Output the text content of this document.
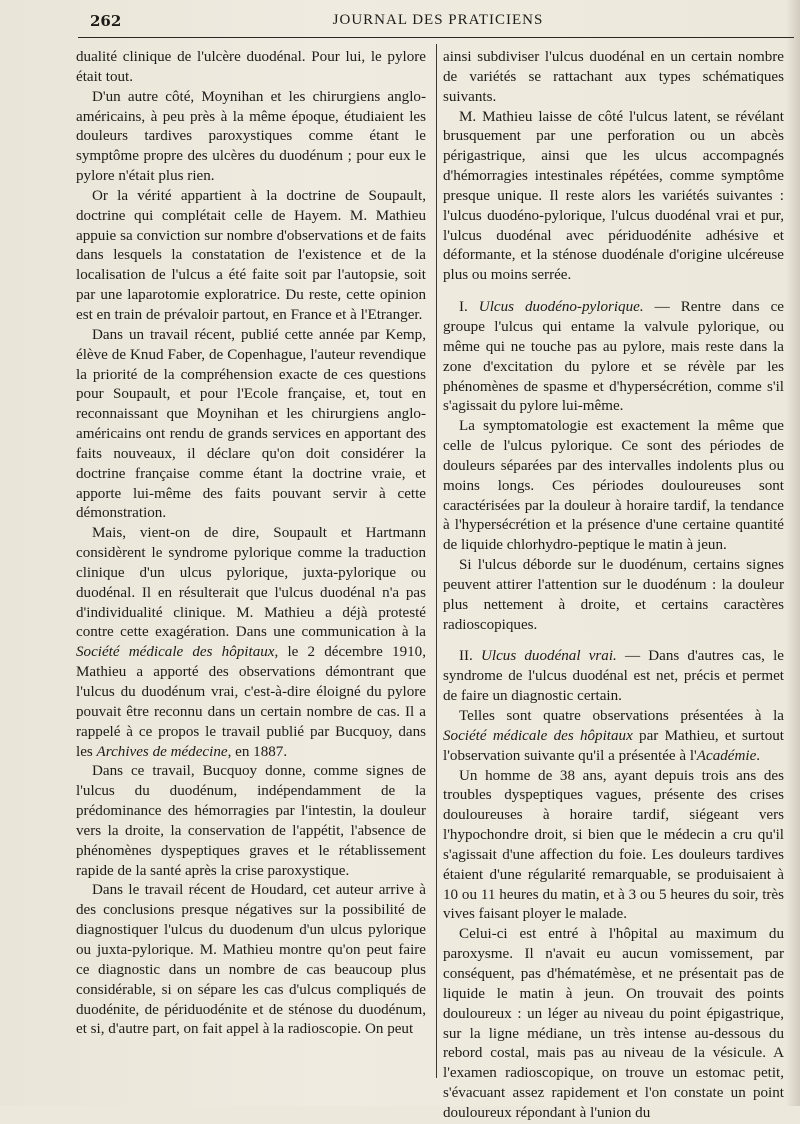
262	JOURNAL DES PRATICIENS

dualité clinique de l'ulcère duodénal. Pour lui, le pylore était tout.

D'un autre côté, Moynihan et les chirurgiens anglo-américains, à peu près à la même époque, étudiaient les douleurs tardives paroxystiques comme étant le symptôme propre des ulcères du duodénum ; pour eux le pylore n'était plus rien.

Or la vérité appartient à la doctrine de Soupault, doctrine qui complétait celle de Hayem. M. Mathieu appuie sa conviction sur nombre d'observations et de faits dans lesquels la constatation de l'existence et de la localisation de l'ulcus a été faite soit par l'autopsie, soit par une laparotomie exploratrice. Du reste, cette opinion est en train de prévaloir partout, en France et à l'Etranger.

Dans un travail récent, publié cette année par Kemp, élève de Knud Faber, de Copenhague, l'auteur revendique la priorité de la compréhension exacte de ces questions pour Soupault, et pour l'Ecole française, et, tout en reconnaissant que Moynihan et les chirurgiens anglo-américains ont rendu de grands services en apportant des faits nouveaux, il déclare qu'on doit considérer la doctrine française comme étant la doctrine vraie, et apporte lui-même des faits pouvant servir à cette démonstration.

Mais, vient-on de dire, Soupault et Hartmann considèrent le syndrome pylorique comme la traduction clinique d'un ulcus pylorique, juxta-pylorique ou duodénal. Il en résulterait que l'ulcus duodénal n'a pas d'individualité clinique. M. Mathieu a déjà protesté contre cette exagération. Dans une communication à la Société médicale des hôpitaux, le 2 décembre 1910, Mathieu a apporté des observations démontrant que l'ulcus du duodénum vrai, c'est-à-dire éloigné du pylore pouvait être reconnu dans un certain nombre de cas. Il a rappelé à ce propos le travail publié par Bucquoy, dans les Archives de médecine, en 1887.

Dans ce travail, Bucquoy donne, comme signes de l'ulcus du duodénum, indépendamment de la prédominance des hémorragies par l'intestin, la douleur vers la droite, la conservation de l'appétit, l'absence de phénomènes dyspeptiques graves et le rétablissement rapide de la santé après la crise paroxystique.

Dans le travail récent de Houdard, cet auteur arrive à des conclusions presque négatives sur la possibilité de diagnostiquer l'ulcus du duodenum d'un ulcus pylorique ou juxta-pylorique. M. Mathieu montre qu'on peut faire ce diagnostic dans un nombre de cas beaucoup plus considérable, si on sépare les cas d'ulcus compliqués de duodénite, de périduodénite et de sténose du duodénum, et si, d'autre part, on fait appel à la radioscopie. On peut

ainsi subdiviser l'ulcus duodénal en un certain nombre de variétés se rattachant aux types schématiques suivants.

M. Mathieu laisse de côté l'ulcus latent, se révélant brusquement par une perforation ou un abcès périgastrique, ainsi que les ulcus accompagnés d'hémorragies intestinales répétées, comme symptôme presque unique. Il reste alors les variétés suivantes : l'ulcus duodéno-pylorique, l'ulcus duodénal vrai et pur, l'ulcus duodénal avec périduodénite adhésive et déformante, et la sténose duodénale d'origine ulcéreuse plus ou moins serrée.

I. Ulcus duodéno-pylorique. — Rentre dans ce groupe l'ulcus qui entame la valvule pylorique, ou même qui ne touche pas au pylore, mais reste dans la zone d'excitation du pylore et se révèle par les phénomènes de spasme et d'hypersécrétion, comme s'il s'agissait du pylore lui-même.

La symptomatologie est exactement la même que celle de l'ulcus pylorique. Ce sont des périodes de douleurs séparées par des intervalles indolents plus ou moins longs. Ces périodes douloureuses sont caractérisées par la douleur à horaire tardif, la tendance à l'hypersécrétion et la présence d'une certaine quantité de liquide chlorhydro-peptique le matin à jeun.

Si l'ulcus déborde sur le duodénum, certains signes peuvent attirer l'attention sur le duodénum : la douleur plus nettement à droite, et certains caractères radioscopiques.

II. Ulcus duodénal vrai. — Dans d'autres cas, le syndrome de l'ulcus duodénal est net, précis et permet de faire un diagnostic certain.

Telles sont quatre observations présentées à la Société médicale des hôpitaux par Mathieu, et surtout l'observation suivante qu'il a présentée à l'Académie.

Un homme de 38 ans, ayant depuis trois ans des troubles dyspeptiques vagues, présente des crises douloureuses à horaire tardif, siégeant vers l'hypochondre droit, si bien que le médecin a cru qu'il s'agissait d'une affection du foie. Les douleurs tardives étaient d'une régularité remarquable, se produisaient à 10 ou 11 heures du matin, et à 3 ou 5 heures du soir, très vives faisant ployer le malade.

Celui-ci est entré à l'hôpital au maximum du paroxysme. Il n'avait eu aucun vomissement, par conséquent, pas d'hématémèse, et ne présentait pas de liquide le matin à jeun. On trouvait des points douloureux : un léger au niveau du point épigastrique, sur la ligne médiane, un très intense au-dessous du rebord costal, mais pas au niveau de la vésicule. A l'examen radioscopique, on trouve un estomac petit, s'évacuant assez rapidement et l'on constate un point douloureux répondant à l'union du
